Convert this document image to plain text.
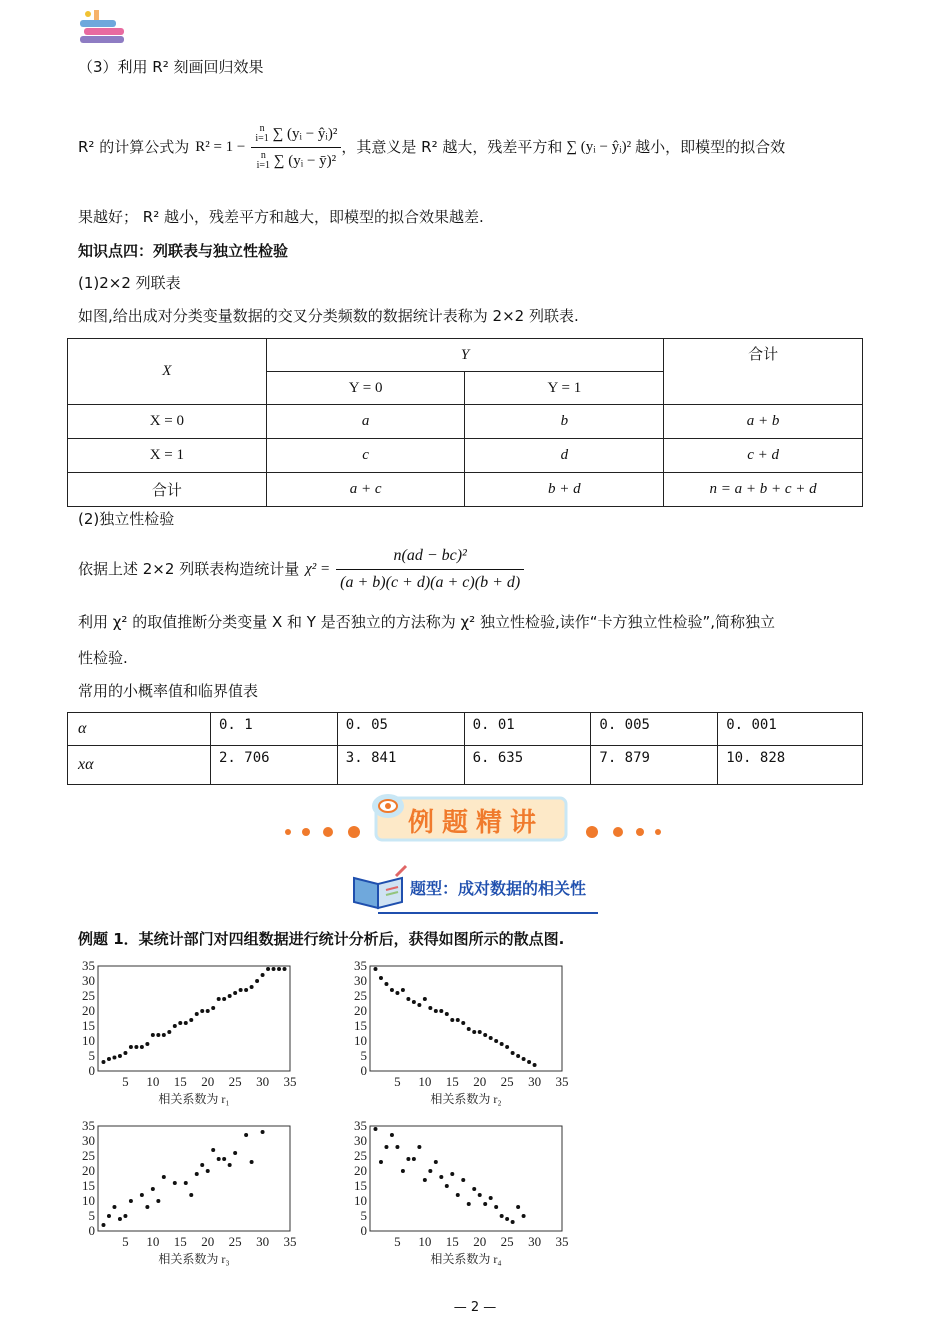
（3）利用 R² 刻画回归效果
R² 的计算公式为 R² = 1 −
n
i=1 ∑ (yᵢ − ŷᵢ)²
n
i=1 ∑ (yᵢ − ȳ)²
，其意义是 R² 越大，残差平方和 ∑ (yᵢ − ŷᵢ)² 越小，即模型的拟合效
果越好； R² 越小，残差平方和越大，即模型的拟合效果越差.
知识点四：列联表与独立性检验
(1)2×2 列联表
如图,给出成对分类变量数据的交叉分类频数的数据统计表称为 2×2 列联表.
X	Y		合计
	Y = 0	Y = 1	
X = 0	a	b	a + b
X = 1	c	d	c + d
合计	a + c	b + d	n = a + b + c + d
(2)独立性检验
依据上述 2×2 列联表构造统计量 $\chi^2 = \frac{\text{n(ad − bc)²}}{(a + b)(c + d)(a + c)(b + d)}$
利用 χ² 的取值推断分类变量 X 和 Y 是否独立的方法称为 χ² 独立性检验,读作“卡方独立性检验”,简称独立
性检验.
常用的小概率值和临界值表
α	0. 1	0. 05	0. 01	0. 005	0. 001
xα	2. 706	3. 841	6. 635	7. 879	10. 828
例题精讲
题型：成对数据的相关性
例题 1．某统计部门对四组数据进行统计分析后，获得如图所示的散点图.
0
5
10
15
20
25
30
35
5 10 15 20 25 30 35
相关系数为 r₁
0
5
10
15
20
25
30
35
5 10 15 20 25 30 35
相关系数为 r₂
0
5
10
15
20
25
30
35
5 10 15 20 25 30 35
相关系数为 r₃
0
5
10
15
20
25
30
35
5 10 15 20 25 30 35
相关系数为 r₄
— 2 —
